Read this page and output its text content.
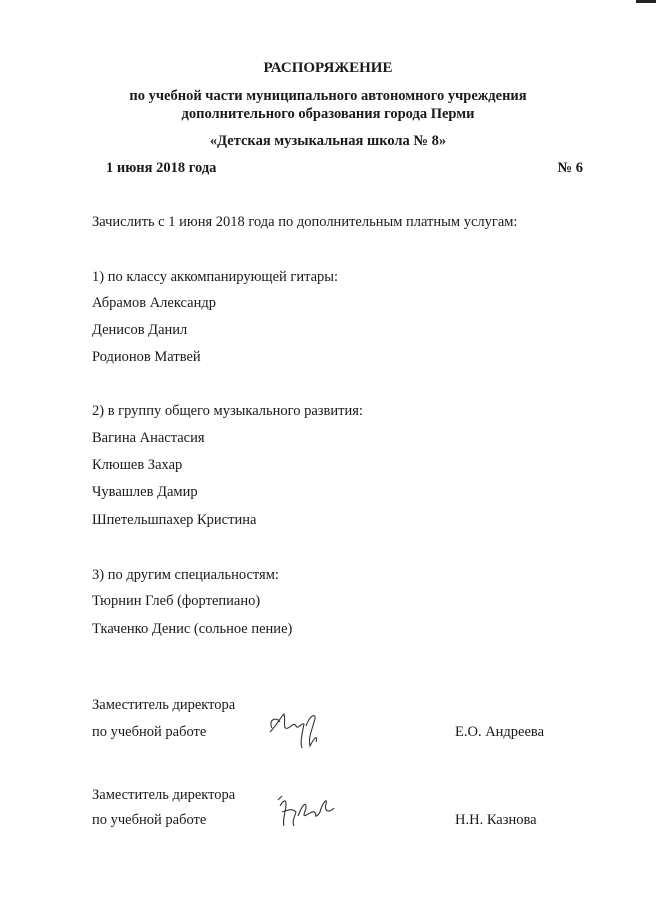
РАСПОРЯЖЕНИЕ
по учебной части муниципального автономного учреждения
дополнительного образования города Перми
«Детская музыкальная школа № 8»
1 июня 2018 года	№ 6
Зачислить с 1 июня 2018 года по дополнительным платным услугам:
1) по классу аккомпанирующей гитары:
Абрамов Александр
Денисов Данил
Родионов Матвей
2) в группу общего музыкального развития:
Вагина Анастасия
Клюшев Захар
Чувашлев Дамир
Шпетельшпахер Кристина
3) по другим специальностям:
Тюрнин Глеб (фортепиано)
Ткаченко Денис (сольное пение)
Заместитель директора
по учебной работе	Е.О. Андреева
Заместитель директора
по учебной работе	Н.Н. Казнова
